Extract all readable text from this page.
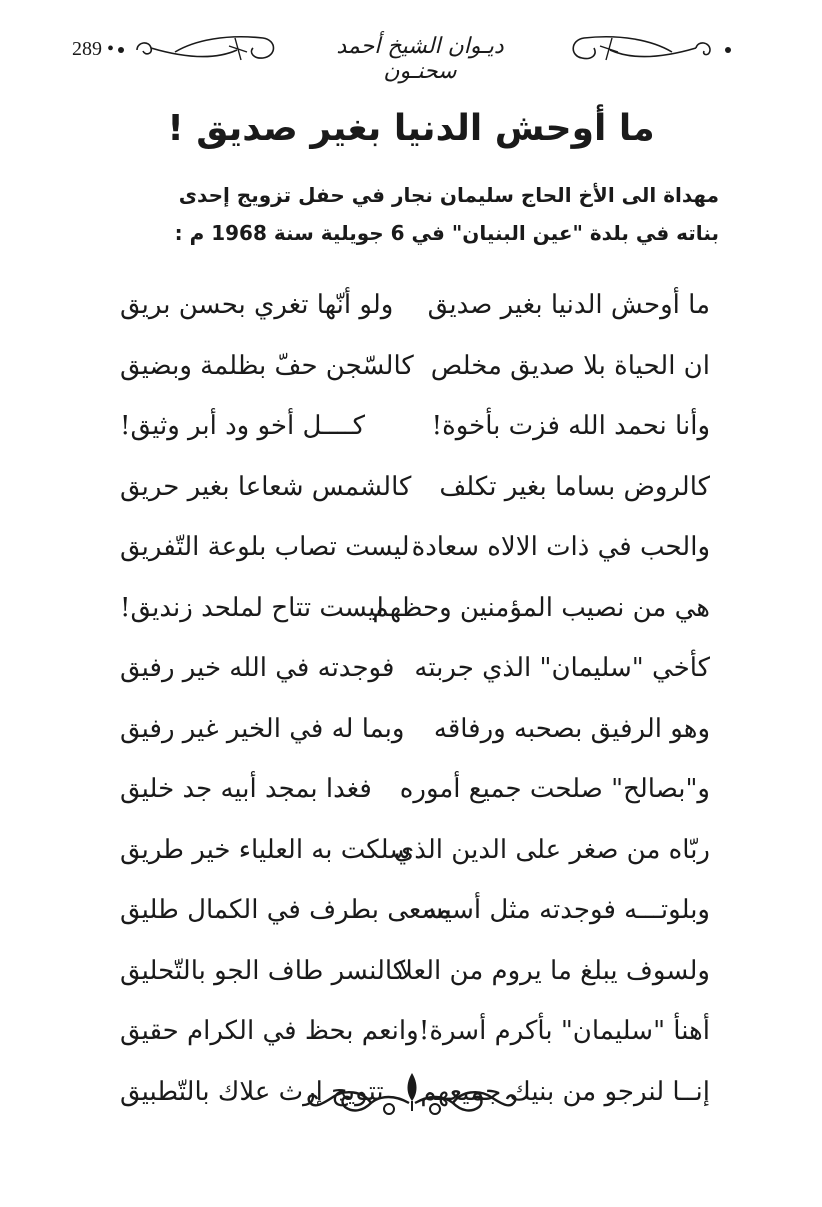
289 •	ديـوان الشيخ أحمد سحنـون
ما أوحش الدنيا بغير صديق !
مهداة الى الأخ الحاج سليمان نجار في حفل تزويج إحدى
بناته في بلدة "عين البنيان" في 6 جويلية سنة 1968 م :
ما أوحش الدنيا بغير صديق
ولو أنّها تغري بحسن بريق
ان الحياة بلا صديق مخلص
كالسّجن حفّ بظلمة وبضيق
وأنا نحمد الله فزت بأخوة!
كــــل أخو ود أبر وثيق!
كالروض بساما بغير تكلف
كالشمس شعاعا بغير حريق
والحب في ذات الالاه سعادة
ليست تصاب بلوعة التّفريق
هي من نصيب المؤمنين وحظهم
ليست تتاح لملحد زنديق!
كأخي "سليمان" الذي جربته
فوجدته في الله خير رفيق
وهو الرفيق بصحبه ورفاقه
وبما له في الخير غير رفيق
و"بصالح" صلحت جميع أموره
فغدا بمجد أبيه جد خليق
ربّاه من صغر على الدين الذي
سلكت به العلياء خير طريق
وبلوتـــه فوجدته مثل أسمه
يسعى بطرف في الكمال طليق
ولسوف يبلغ ما يروم من العلا
كالنسر طاف الجو بالتّحليق
أهنأ "سليمان" بأكرم أسرة!
وانعم بحظ في الكرام حقيق
إنــا لنرجو من بنيك جميعهم
تتويج إرث علاك بالتّطبيق
